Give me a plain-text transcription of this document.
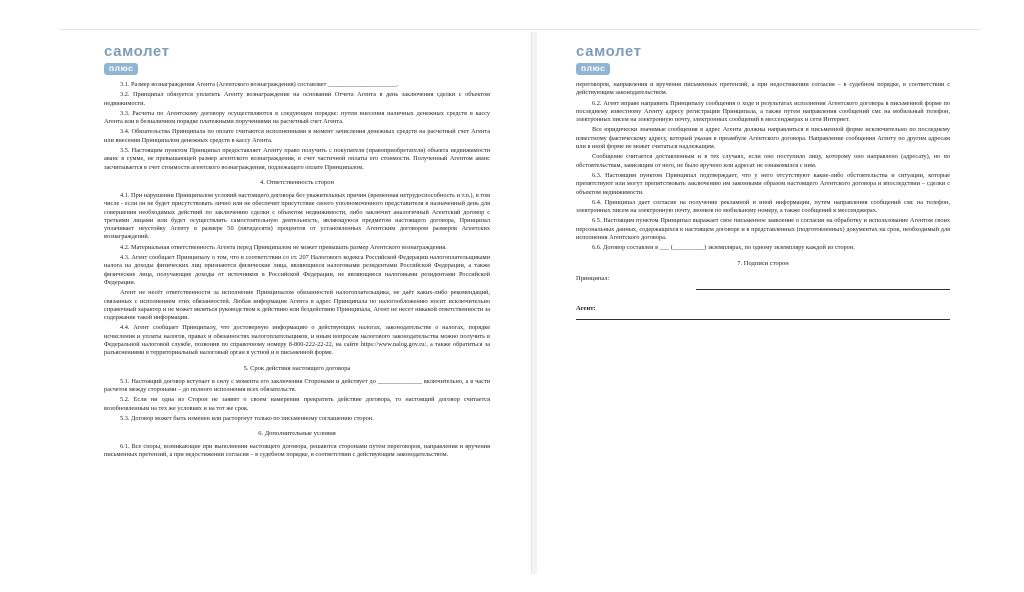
самолет
плюс
3.1. Размер вознаграждения Агента (Агентского вознаграждения) составляет ______________________.
3.2. Принципал обязуется уплатить Агенту вознаграждение на основании Отчета Агента в день заключения сделки с объектом недвижимости.
3.3. Расчеты по Агентскому договору осуществляются в следующем порядке: путем внесения наличных денежных средств в кассу Агента или в безналичном порядке платежными поручениями на расчетный счет Агента.
3.4. Обязательства Принципала по оплате считаются исполненными в момент зачисления денежных средств на расчетный счет Агента или внесения Принципалом денежных средств в кассу Агента.
3.5. Настоящим пунктом Принципал предоставляет Агенту право получить с покупателя (правоприобретателя) объекта недвижимости аванс в сумме, не превышающей размер агентского вознаграждения, в счет частичной оплаты его стоимости. Полученный Агентом аванс засчитывается в счет стоимости агентского вознаграждения, подлежащего оплате Принципалом.
4. Ответственность сторон
4.1. При нарушении Принципалом условий настоящего договора без уважительных причин (временная нетрудоспособность и т.п.), в том числе - если он не будет присутствовать лично или не обеспечит присутствие своего уполномоченного представителя в назначенный день для совершения необходимых действий по заключению сделки с объектом недвижимости, либо заключит аналогичный Агентский договор с третьими лицами или будет осуществлять самостоятельную деятельность, являющуюся предметом настоящего договора, Принципал уплачивает неустойку Агенту в размере 50 (пятидесяти) процентов от установленных Агентским договором размеров Агентских вознаграждений.
4.2. Материальная ответственность Агента перед Принципалом не может превышать размер Агентского вознаграждения.
4.3. Агент сообщает Принципалу о том, что в соответствии со ст. 207 Налогового кодекса Российской Федерации налогоплательщиками налога на доходы физических лиц признаются физические лица, являющиеся налоговыми резидентами Российской Федерации, а также физические лица, получающие доходы от источников в Российской Федерации, не являющиеся налоговыми резидентами Российской Федерации.
Агент не несёт ответственности за исполнение Принципалом обязанностей налогоплательщика, не даёт каких-либо рекомендаций, связанных с исполнением этих обязанностей. Любая информация Агента в адрес Принципала по налогообложению носит исключительно справочный характер и не может являться руководством к действию или бездействию Принципала, Агент не несет никакой ответственности за содержание такой информации.
4.4. Агент сообщает Принципалу, что достоверную информацию о действующих налогах, законодательстве о налогах, порядке исчисления и уплаты налогов, правах и обязанностях налогоплательщиков, и иным вопросам налогового законодательства можно получить в Федеральной налоговой службе, позвонив по справочному номеру 8-800-222-22-22, на сайте https://www.nalog.gov.ru/, а также обратиться за разъяснениями в территориальный налоговый орган в устной и в письменной форме.
5. Срок действия настоящего договора
5.1. Настоящий договор вступает в силу с момента его заключения Сторонами и действует до ______________ включительно, а в части расчетов между сторонами – до полного исполнения всех обязательств.
5.2. Если ни одна из Сторон не заявит о своем намерении прекратить действие договора, то настоящий договор считается возобновленным на тех же условиях и на тот же срок.
5.3. Договор может быть изменен или расторгнут только по письменному соглашению сторон.
6. Дополнительные условия
6.1. Все споры, возникающие при выполнении настоящего договора, решаются сторонами путем переговоров, направления и вручения письменных претензий, а при недостижении согласия – в судебном порядке, в соответствии с действующим законодательством.
самолет
плюс
переговоров, направления и вручения письменных претензий, а при недостижении согласия – в судебном порядке, в соответствии с действующим законодательством.
6.2. Агент вправе направить Принципалу сообщения о ходе и результатах исполнения Агентского договора в письменной форме по последнему известному Агенту адресу регистрации Принципала, а также путем направления сообщений смс на мобильный телефон, электронных писем на электронную почту, электронных сообщений в мессенджерах и сети Интернет.
Все юридически значимые сообщения в адрес Агента должны направляться в письменной форме исключительно по последнему известному фактическому адресу, который указан в преамбуле Агентского договора. Направление сообщения Агенту по другим адресам или в иной форме не может считаться надлежащим.
Сообщение считается доставленным и в тех случаях, если оно поступило лицу, которому оно направлено (адресату), но по обстоятельствам, зависящим от него, не было вручено или адресат не ознакомился с ним.
6.3. Настоящим пунктом Принципал подтверждает, что у него отсутствуют какие-либо обстоятельства и ситуации, которые препятствуют или могут препятствовать заключению им законными образом настоящего Агентского договора и впоследствии – сделки с объектом недвижимости.
6.4. Принципал дает согласие на получение рекламной и иной информации, путем направления сообщений смс на телефон, электронных писем на электронную почту, звонков по мобильному номеру, а также сообщений в мессенджерах.
6.5. Настоящим пунктом Принципал выражает свое письменное заявление о согласии на обработку и использование Агентом своих персональных данных, содержащихся в настоящем договоре и в представленных (подготовленных) документах на срок, необходимый для исполнения Агентского договора.
6.6. Договор составлен в ___ (__________) экземплярах, по одному экземпляру каждой из сторон.
7. Подписи сторон
Принципал:
Агент:
